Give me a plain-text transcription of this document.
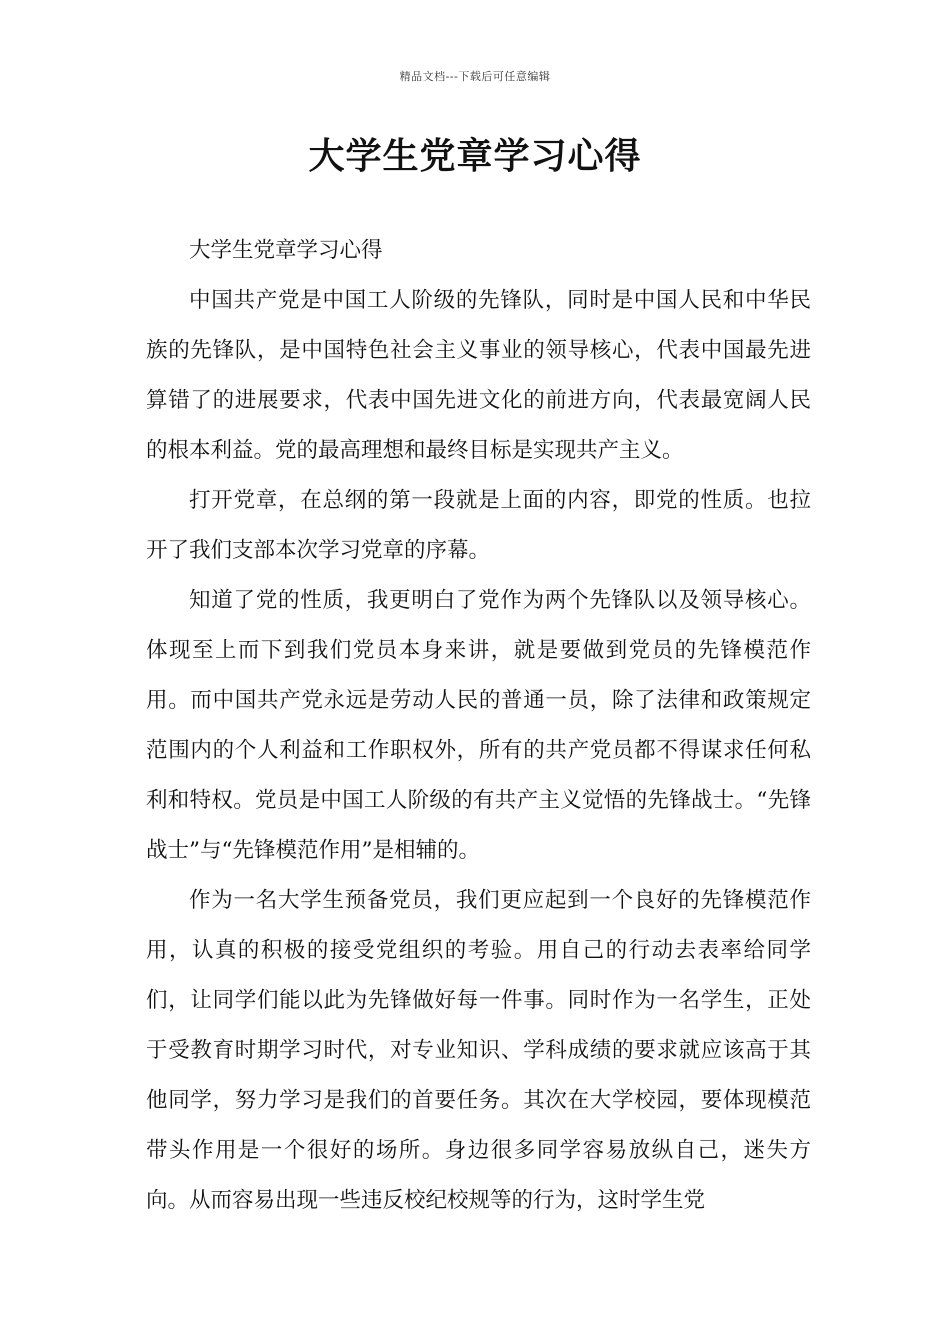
精品文档---下载后可任意编辑
大学生党章学习心得

大学生党章学习心得

中国共产党是中国工人阶级的先锋队，同时是中国人民和中华民族的先锋队，是中国特色社会主义事业的领导核心，代表中国最先进算错了的进展要求，代表中国先进文化的前进方向，代表最宽阔人民的根本利益。党的最高理想和最终目标是实现共产主义。

打开党章，在总纲的第一段就是上面的内容，即党的性质。也拉开了我们支部本次学习党章的序幕。

知道了党的性质，我更明白了党作为两个先锋队以及领导核心。体现至上而下到我们党员本身来讲，就是要做到党员的先锋模范作用。而中国共产党永远是劳动人民的普通一员，除了法律和政策规定范围内的个人利益和工作职权外，所有的共产党员都不得谋求任何私利和特权。党员是中国工人阶级的有共产主义觉悟的先锋战士。“先锋战士”与“先锋模范作用”是相辅的。

作为一名大学生预备党员，我们更应起到一个良好的先锋模范作用，认真的积极的接受党组织的考验。用自己的行动去表率给同学们，让同学们能以此为先锋做好每一件事。同时作为一名学生，正处于受教育时期学习时代，对专业知识、学科成绩的要求就应该高于其他同学，努力学习是我们的首要任务。其次在大学校园，要体现模范带头作用是一个很好的场所。身边很多同学容易放纵自己，迷失方向。从而容易出现一些违反校纪校规等的行为，这时学生党
